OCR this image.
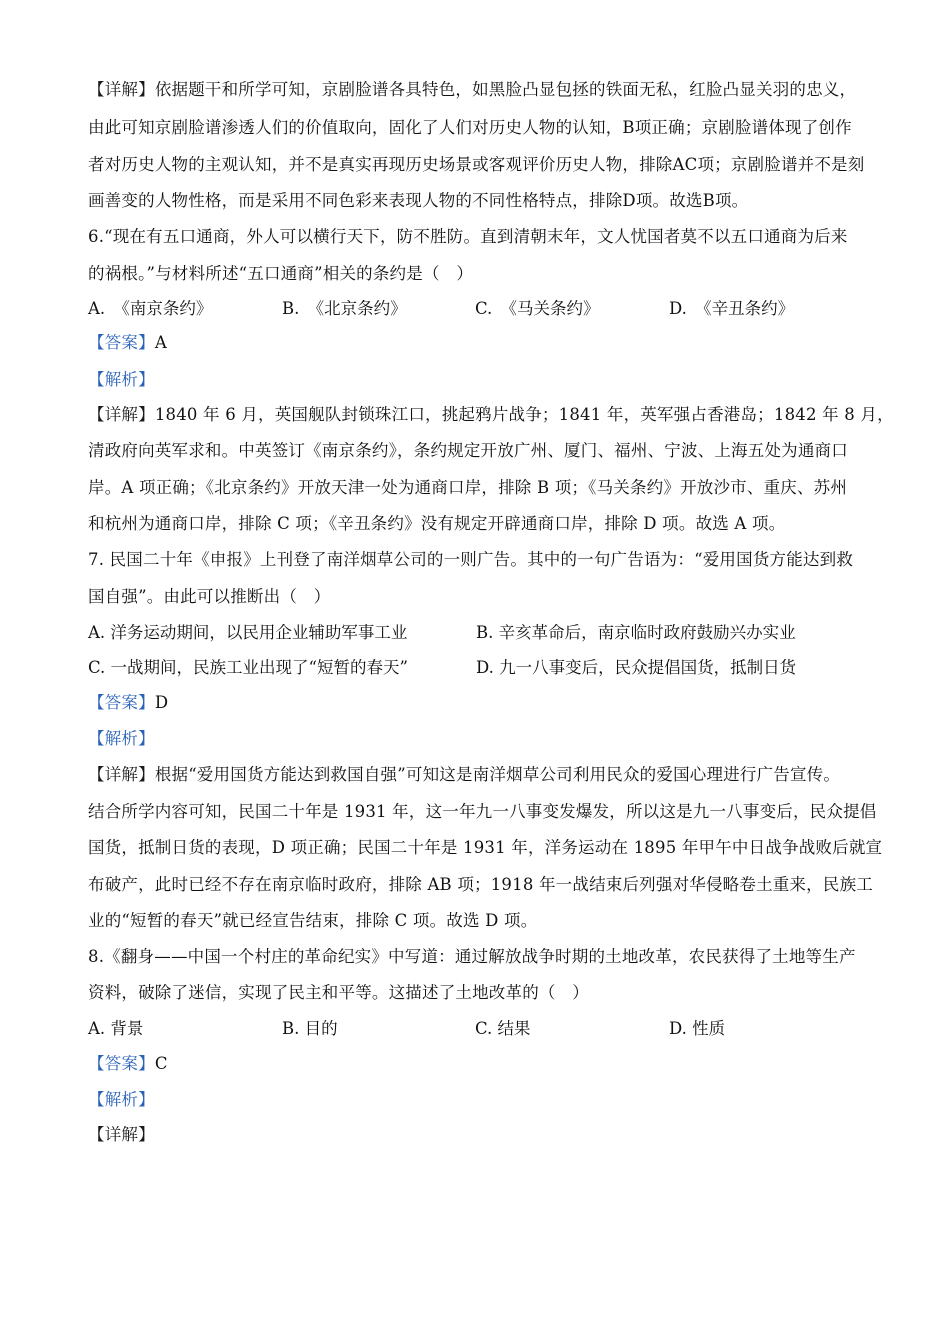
【详解】依据题干和所学可知，京剧脸谱各具特色，如黑脸凸显包拯的铁面无私，红脸凸显关羽的忠义，
由此可知京剧脸谱渗透人们的价值取向，固化了人们对历史人物的认知，B项正确；京剧脸谱体现了创作
者对历史人物的主观认知，并不是真实再现历史场景或客观评价历史人物，排除AC项；京剧脸谱并不是刻
画善变的人物性格，而是采用不同色彩来表现人物的不同性格特点，排除D项。故选B项。
6.“现在有五口通商，外人可以横行天下，防不胜防。直到清朝末年，文人忧国者莫不以五口通商为后来
的祸根。”与材料所述“五口通商”相关的条约是（　）
A.　《南京条约》	B.　《北京条约》	C.　《马关条约》	D.　《辛丑条约》
【答案】A
【解析】
【详解】1840 年 6 月，英国舰队封锁珠江口，挑起鸦片战争；1841 年，英军强占香港岛；1842 年 8 月，
清政府向英军求和。中英签订《南京条约》，条约规定开放广州、厦门、福州、宁波、上海五处为通商口
岸。A 项正确；《北京条约》开放天津一处为通商口岸，排除 B 项；《马关条约》开放沙市、重庆、苏州
和杭州为通商口岸，排除 C 项；《辛丑条约》没有规定开辟通商口岸，排除 D 项。故选 A 项。
7. 民国二十年《申报》上刊登了南洋烟草公司的一则广告。其中的一句广告语为：“爱用国货方能达到救
国自强”。由此可以推断出（　）
A. 洋务运动期间，以民用企业辅助军事工业	B. 辛亥革命后，南京临时政府鼓励兴办实业
C. 一战期间，民族工业出现了“短暂的春天”	D. 九一八事变后，民众提倡国货，抵制日货
【答案】D
【解析】
【详解】根据“爱用国货方能达到救国自强”可知这是南洋烟草公司利用民众的爱国心理进行广告宣传。
结合所学内容可知，民国二十年是 1931 年，这一年九一八事变发爆发，所以这是九一八事变后，民众提倡
国货，抵制日货的表现，D 项正确；民国二十年是 1931 年，洋务运动在 1895 年甲午中日战争战败后就宣
布破产，此时已经不存在南京临时政府，排除 AB 项；1918 年一战结束后列强对华侵略卷土重来，民族工
业的“短暂的春天”就已经宣告结束，排除 C 项。故选 D 项。
8.《翻身——中国一个村庄的革命纪实》中写道：通过解放战争时期的土地改革，农民获得了土地等生产
资料，破除了迷信，实现了民主和平等。这描述了土地改革的（　）
A. 背景	B. 目的	C. 结果	D. 性质
【答案】C
【解析】
【详解】
